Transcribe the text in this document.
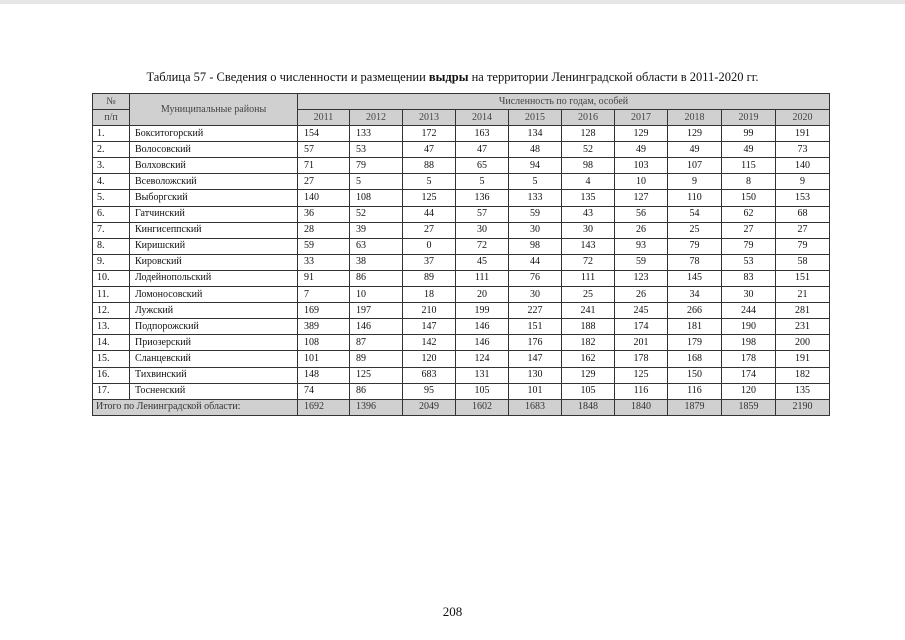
Таблица 57 - Сведения о численности и размещении выдры на территории Ленинградской области в 2011-2020 гг.
№	Муниципальные районы	Численность по годам, особей									
п/п		2011	2012	2013	2014	2015	2016	2017	2018	2019	2020
1.	Бокситогорский	154	133	172	163	134	128	129	129	99	191
2.	Волосовский	57	53	47	47	48	52	49	49	49	73
3.	Волховский	71	79	88	65	94	98	103	107	115	140
4.	Всеволожский	27	5	5	5	5	4	10	9	8	9
5.	Выборгский	140	108	125	136	133	135	127	110	150	153
6.	Гатчинский	36	52	44	57	59	43	56	54	62	68
7.	Кингисеппский	28	39	27	30	30	30	26	25	27	27
8.	Киришский	59	63	0	72	98	143	93	79	79	79
9.	Кировский	33	38	37	45	44	72	59	78	53	58
10.	Лодейнопольский	91	86	89	111	76	111	123	145	83	151
11.	Ломоносовский	7	10	18	20	30	25	26	34	30	21
12.	Лужский	169	197	210	199	227	241	245	266	244	281
13.	Подпорожский	389	146	147	146	151	188	174	181	190	231
14.	Приозерский	108	87	142	146	176	182	201	179	198	200
15.	Сланцевский	101	89	120	124	147	162	178	168	178	191
16.	Тихвинский	148	125	683	131	130	129	125	150	174	182
17.	Тосненский	74	86	95	105	101	105	116	116	120	135
Итого по Ленинградской области:		1692	1396	2049	1602	1683	1848	1840	1879	1859	2190
208
